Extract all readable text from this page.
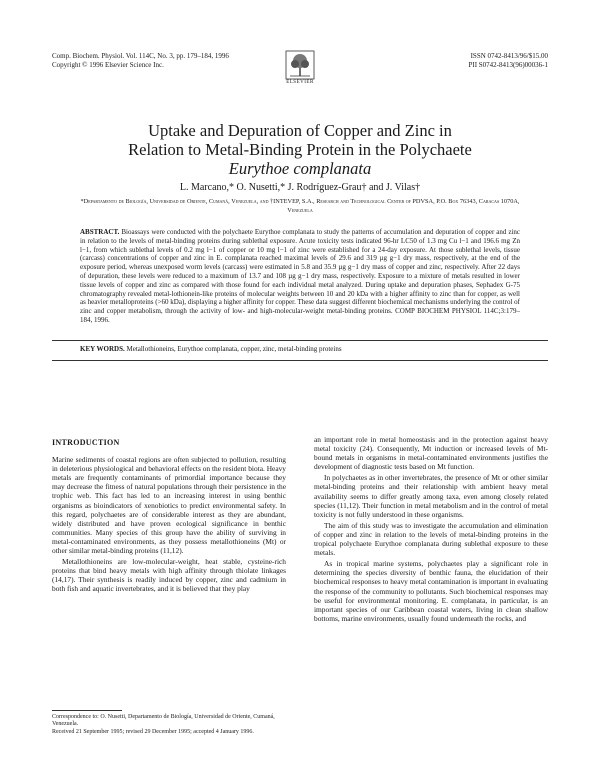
Comp. Biochem. Physiol. Vol. 114C, No. 3, pp. 179–184, 1996
Copyright © 1996 Elsevier Science Inc.
ELSEVIER
ISSN 0742-8413/96/$15.00
PII S0742-8413(96)00036-1
Uptake and Depuration of Copper and Zinc in
Relation to Metal-Binding Protein in the Polychaete
Eurythoe complanata
L. Marcano,* O. Nusetti,* J. Rodríguez-Grau† and J. Vilas†
*Departamento de Biología, Universidad de Oriente, Cumaná, Venezuela, and †INTEVEP, S.A., Research and Technological Center of PDVSA, P.O. Box 76343, Caracas 1070A, Venezuela
ABSTRACT. Bioassays were conducted with the polychaete Eurythoe complanata to study the patterns of accumulation and depuration of copper and zinc in relation to the levels of metal-binding proteins during sublethal exposure. Acute toxicity tests indicated 96-hr LC50 of 1.3 mg Cu l−1 and 196.6 mg Zn l−1, from which sublethal levels of 0.2 mg l−1 of copper or 10 mg l−1 of zinc were established for a 24-day exposure. At those sublethal levels, tissue (carcass) concentrations of copper and zinc in E. complanata reached maximal levels of 29.6 and 319 µg g−1 dry mass, respectively, at the end of the exposure period, whereas unexposed worm levels (carcass) were estimated in 5.8 and 35.9 µg g−1 dry mass of copper and zinc, respectively. After 22 days of depuration, these levels were reduced to a maximum of 13.7 and 108 µg g−1 dry mass, respectively. Exposure to a mixture of metals resulted in lower tissue levels of copper and zinc as compared with those found for each individual metal analyzed. During uptake and depuration phases, Sephadex G-75 chromatography revealed metal-lothionein-like proteins of molecular weights between 10 and 20 kDa with a higher affinity to zinc than for copper, as well as heavier metalloproteins (>60 kDa), displaying a higher affinity for copper. These data suggest different biochemical mechanisms underlying the control of zinc and copper metabolism, through the activity of low- and high-molecular-weight metal-binding proteins. COMP BIOCHEM PHYSIOL 114C;3:179–184, 1996.
KEY WORDS. Metallothioneins, Eurythoe complanata, copper, zinc, metal-binding proteins
INTRODUCTION

Marine sediments of coastal regions are often subjected to pollution, resulting in deleterious physiological and behavioral effects on the resident biota. Heavy metals are frequently contaminants of primordial importance because they may decrease the fitness of natural populations through their persistence in the trophic web. This fact has led to an increasing interest in using benthic organisms as bioindicators of xenobiotics to predict environmental safety. In this regard, polychaetes are of considerable interest as they are abundant, widely distributed and have proven ecological significance in benthic communities. Many species of this group have the ability of surviving in metal-contaminated environments, as they possess metallothioneins (Mt) or other similar metal-binding proteins (11,12).

Metallothioneins are low-molecular-weight, heat stable, cysteine-rich proteins that bind heavy metals with high affinity through thiolate linkages (14,17). Their synthesis is readily induced by copper, zinc and cadmium in both fish and aquatic invertebrates, and it is believed that they play

an important role in metal homeostasis and in the protection against heavy metal toxicity (24). Consequently, Mt induction or increased levels of Mt-bound metals in organisms in metal-contaminated environments justifies the development of diagnostic tests based on Mt function.

In polychaetes as in other invertebrates, the presence of Mt or other similar metal-binding proteins and their relationship with ambient heavy metal availability seems to differ greatly among taxa, even among closely related species (11,12). Their function in metal metabolism and in the control of metal toxicity is not fully understood in these organisms.

The aim of this study was to investigate the accumulation and elimination of copper and zinc in relation to the levels of metal-binding proteins in the tropical polychaete Eurythoe complanata during sublethal exposure to these metals.

As in tropical marine systems, polychaetes play a significant role in determining the species diversity of benthic fauna, the elucidation of their biochemical responses to heavy metal contamination is important in evaluating the response of the community to pollutants. Such biochemical responses may be useful for environmental monitoring. E. complanata, in particular, is an important species of our Caribbean coastal waters, living in clean shallow bottoms, marine environments, usually found underneath the rocks, and

Correspondence to: O. Nusetti, Departamento de Biología, Universidad de Oriente, Cumaná, Venezuela.
Received 21 September 1995; revised 29 December 1995; accepted 4 January 1996.
